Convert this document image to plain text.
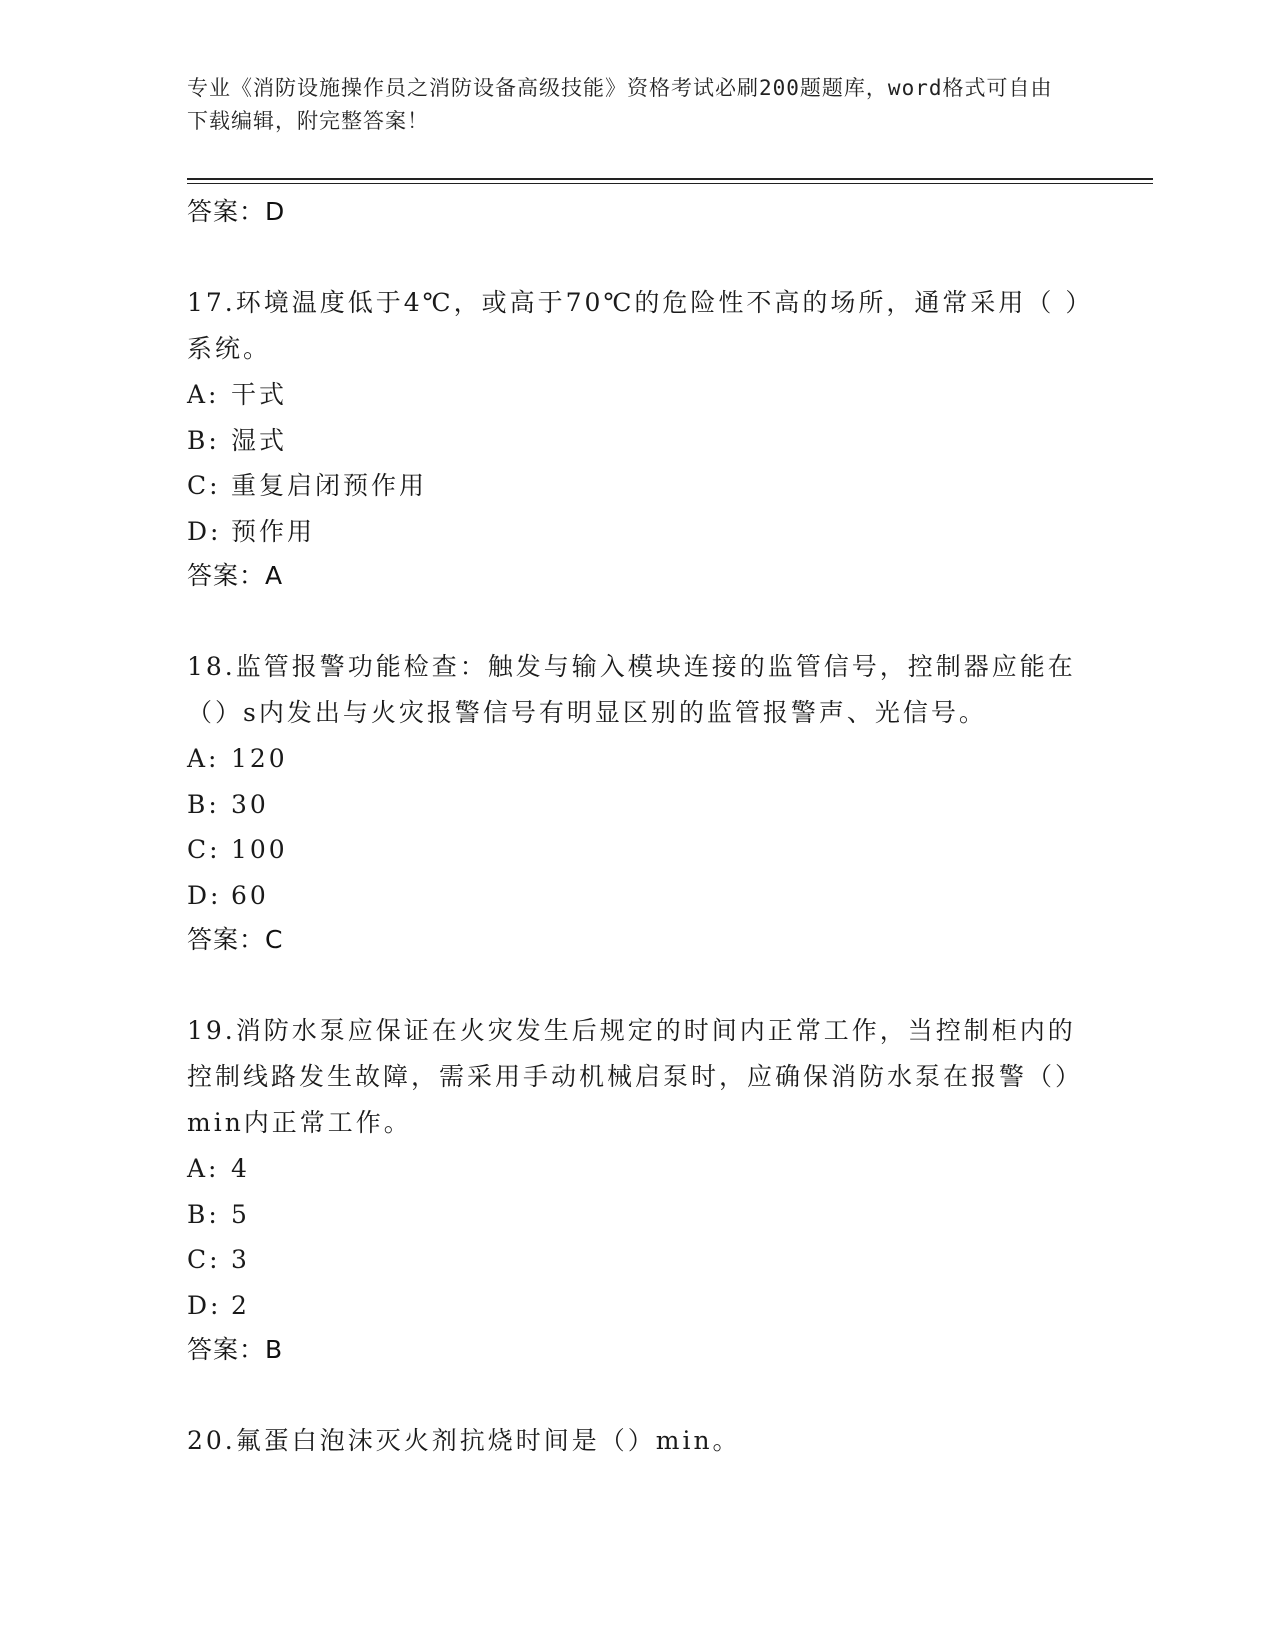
专业《消防设施操作员之消防设备高级技能》资格考试必刷200题题库，word格式可自由下载编辑，附完整答案！
答案：D
17.环境温度低于4℃，或高于70℃的危险性不高的场所，通常采用（ ）系统。
A: 干式
B: 湿式
C: 重复启闭预作用
D: 预作用
答案：A
18.监管报警功能检查：触发与输入模块连接的监管信号，控制器应能在（）s内发出与火灾报警信号有明显区别的监管报警声、光信号。
A: 120
B: 30
C: 100
D: 60
答案：C
19.消防水泵应保证在火灾发生后规定的时间内正常工作，当控制柜内的控制线路发生故障，需采用手动机械启泵时，应确保消防水泵在报警（）min内正常工作。
A: 4
B: 5
C: 3
D: 2
答案：B
20.氟蛋白泡沫灭火剂抗烧时间是（）min。
